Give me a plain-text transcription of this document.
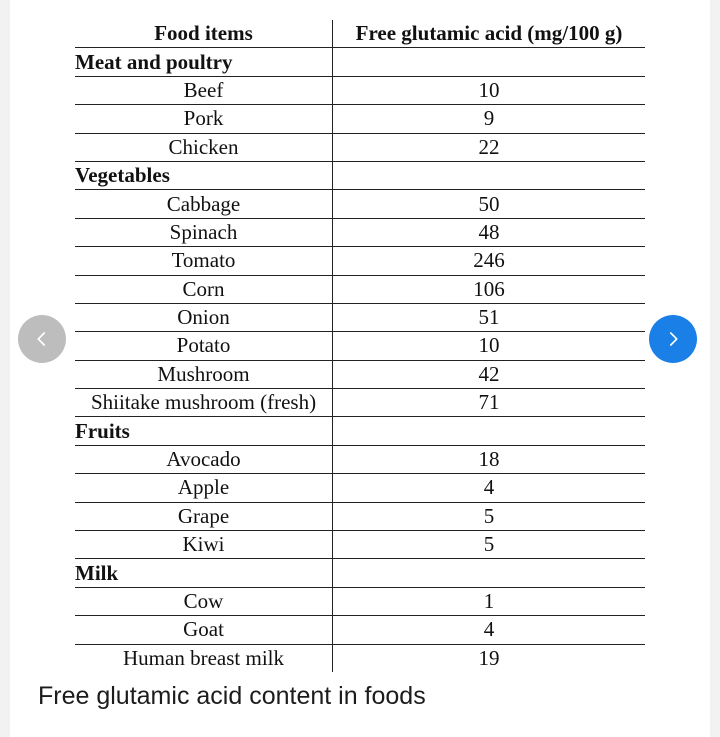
Food items	Free glutamic acid (mg/100 g)
Meat and poultry	
Beef	10
Pork	9
Chicken	22
Vegetables	
Cabbage	50
Spinach	48
Tomato	246
Corn	106
Onion	51
Potato	10
Mushroom	42
Shiitake mushroom (fresh)	71
Fruits	
Avocado	18
Apple	4
Grape	5
Kiwi	5
Milk	
Cow	1
Goat	4
Human breast milk	19
Free glutamic acid content in foods
